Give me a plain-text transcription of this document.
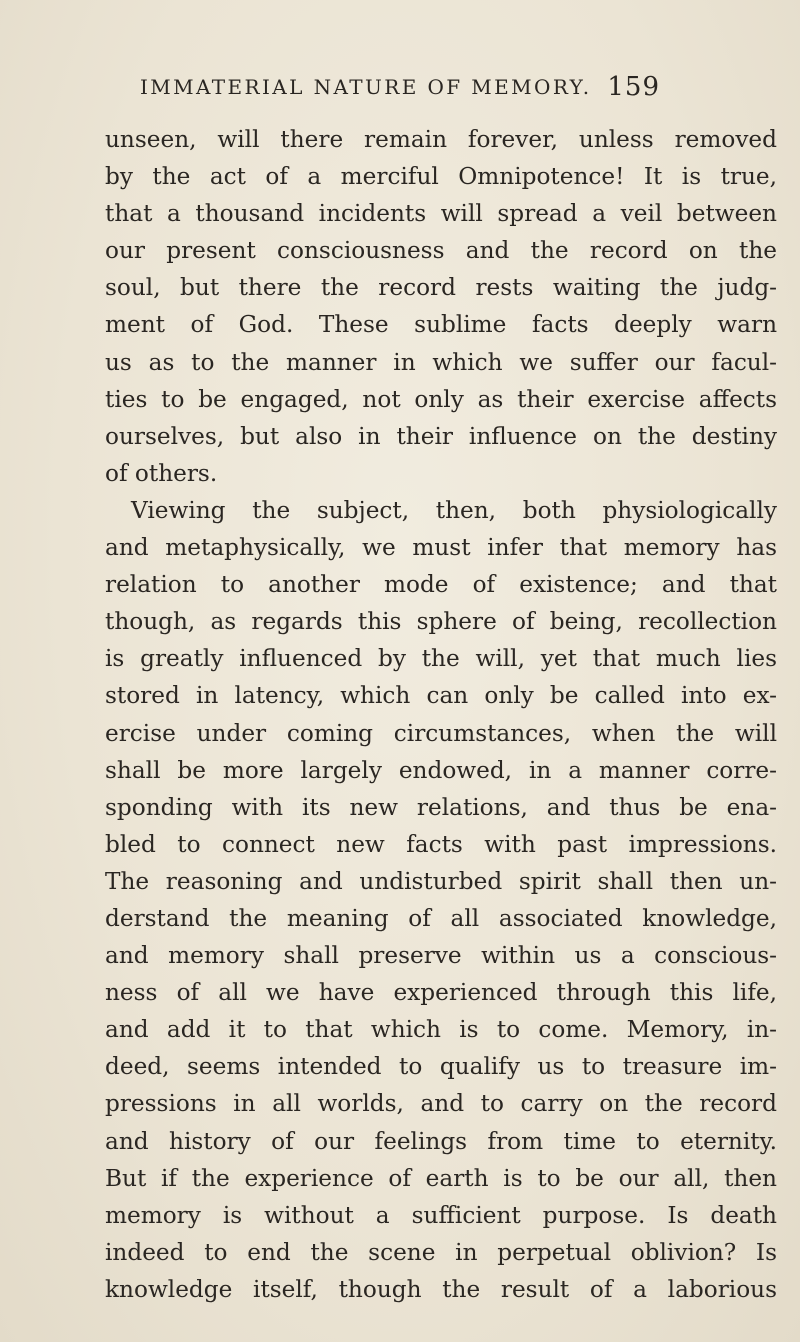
IMMATERIAL NATURE OF MEMORY. 159
unseen, will there remain forever, unless removed
by the act of a merciful Omnipotence! It is true,
that a thousand incidents will spread a veil between
our present consciousness and the record on the
soul, but there the record rests waiting the judg-
ment of God. These sublime facts deeply warn
us as to the manner in which we suffer our facul-
ties to be engaged, not only as their exercise affects
ourselves, but also in their influence on the destiny
of others.
Viewing the subject, then, both physiologically
and metaphysically, we must infer that memory has
relation to another mode of existence; and that
though, as regards this sphere of being, recollection
is greatly influenced by the will, yet that much lies
stored in latency, which can only be called into ex-
ercise under coming circumstances, when the will
shall be more largely endowed, in a manner corre-
sponding with its new relations, and thus be ena-
bled to connect new facts with past impressions.
The reasoning and undisturbed spirit shall then un-
derstand the meaning of all associated knowledge,
and memory shall preserve within us a conscious-
ness of all we have experienced through this life,
and add it to that which is to come. Memory, in-
deed, seems intended to qualify us to treasure im-
pressions in all worlds, and to carry on the record
and history of our feelings from time to eternity.
But if the experience of earth is to be our all, then
memory is without a sufficient purpose. Is death
indeed to end the scene in perpetual oblivion? Is
knowledge itself, though the result of a laborious
